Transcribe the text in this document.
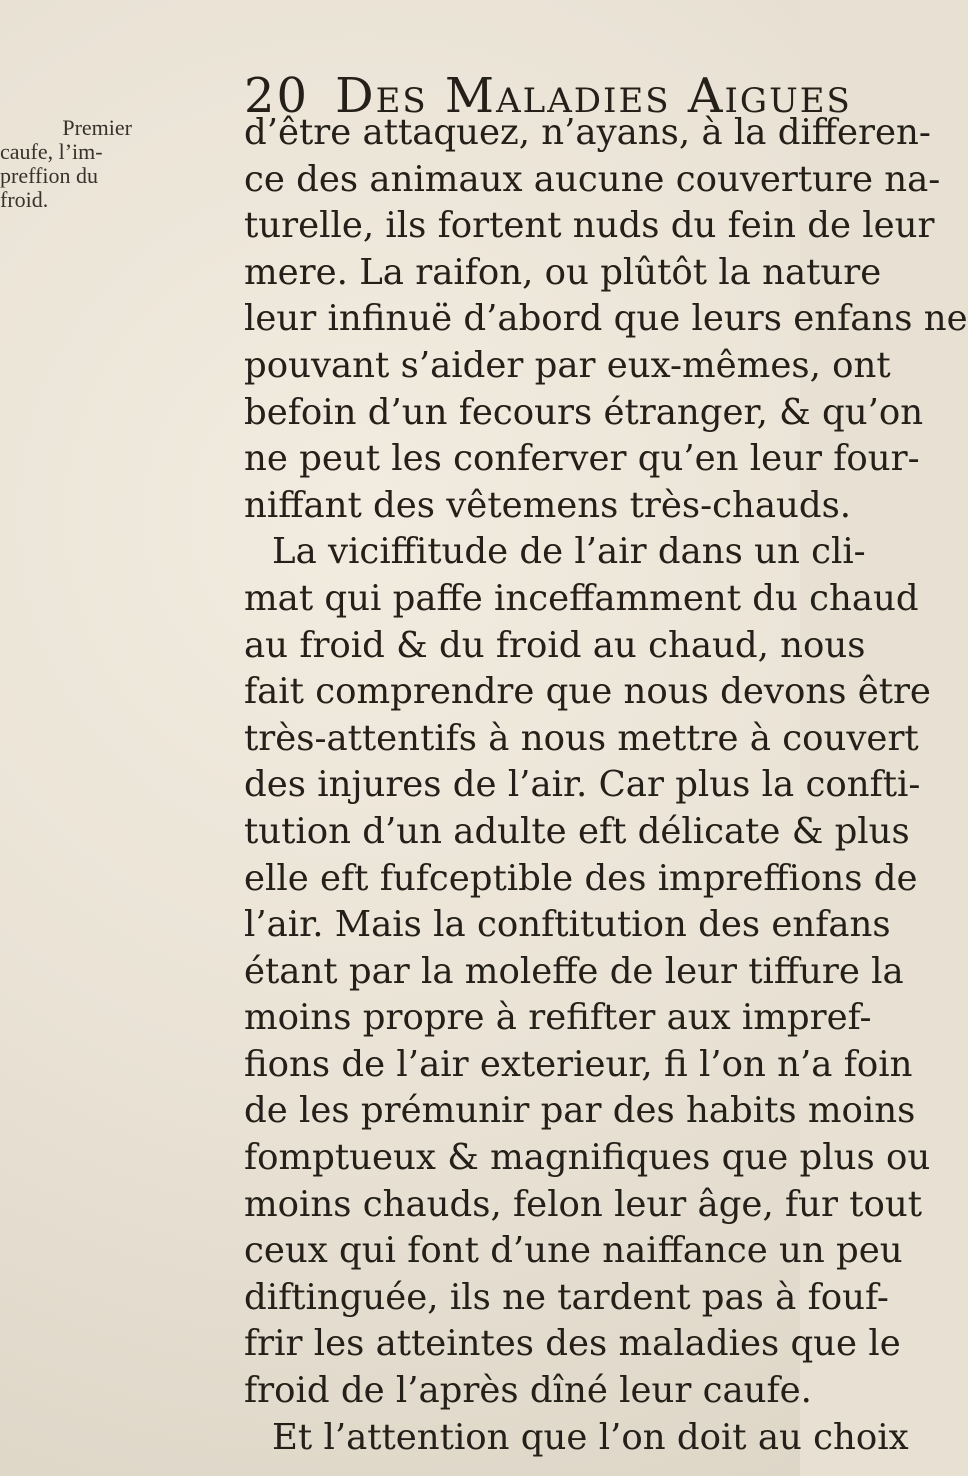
20 Des Maladies Aigues
Premier
caufe, l’im-
preffion du
froid.
d’être attaquez, n’ayans, à la differen-
ce des animaux aucune couverture na-
turelle, ils fortent nuds du fein de leur
mere. La raifon, ou plûtôt la nature
leur infinuë d’abord que leurs enfans ne
pouvant s’aider par eux-mêmes, ont
befoin d’un fecours étranger, & qu’on
ne peut les conferver qu’en leur four-
niffant des vêtemens très-chauds.
La viciffitude de l’air dans un cli-
mat qui paffe inceffamment du chaud
au froid & du froid au chaud, nous
fait comprendre que nous devons être
très-attentifs à nous mettre à couvert
des injures de l’air. Car plus la confti-
tution d’un adulte eft délicate & plus
elle eft fufceptible des impreffions de
l’air. Mais la conftitution des enfans
étant par la moleffe de leur tiffure la
moins propre à refifter aux impref-
fions de l’air exterieur, fi l’on n’a foin
de les prémunir par des habits moins
fomptueux & magnifiques que plus ou
moins chauds, felon leur âge, fur tout
ceux qui font d’une naiffance un peu
diftinguée, ils ne tardent pas à fouf-
frir les atteintes des maladies que le
froid de l’après dîné leur caufe.
Et l’attention que l’on doit au choix
